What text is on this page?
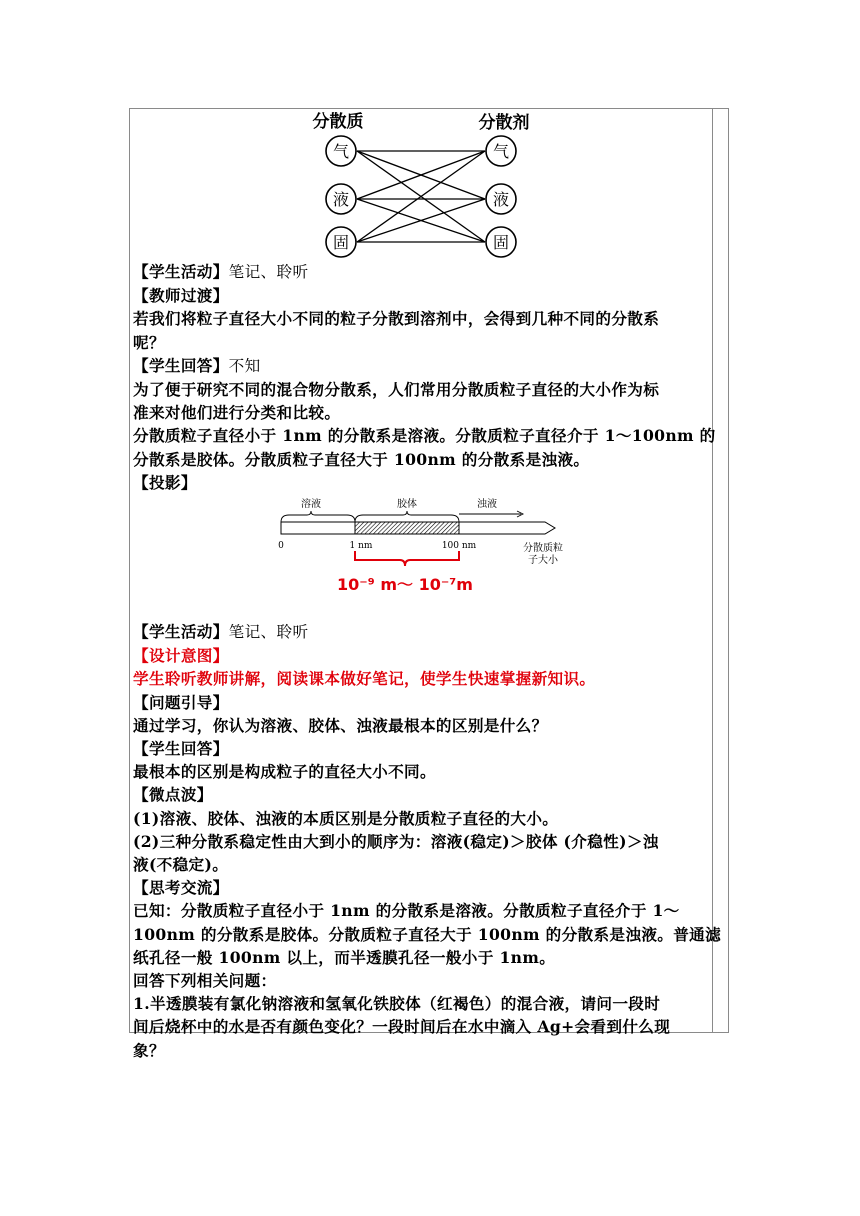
分散质	分散剂
气
液
固
气
液
固
【学生活动】笔记、聆听
【教师过渡】
若我们将粒子直径大小不同的粒子分散到溶剂中，会得到几种不同的分散系
呢？
【学生回答】不知
为了便于研究不同的混合物分散系，人们常用分散质粒子直径的大小作为标
准来对他们进行分类和比较。
分散质粒子直径小于 1nm 的分散系是溶液。分散质粒子直径介于 1～100nm 的
分散系是胶体。分散质粒子直径大于 100nm 的分散系是浊液。
【投影】
溶液	胶体	浊液
0	1 nm	100 nm	分散质粒
子大小
10⁻⁹ m～ 10⁻⁷m
【学生活动】笔记、聆听
【设计意图】
学生聆听教师讲解，阅读课本做好笔记，使学生快速掌握新知识。
【问题引导】
通过学习，你认为溶液、胶体、浊液最根本的区别是什么？
【学生回答】
最根本的区别是构成粒子的直径大小不同。
【微点波】
(1)溶液、胶体、浊液的本质区别是分散质粒子直径的大小。
(2)三种分散系稳定性由大到小的顺序为：溶液(稳定)＞胶体 (介稳性)＞浊
液(不稳定)。
【思考交流】
已知：分散质粒子直径小于 1nm 的分散系是溶液。分散质粒子直径介于 1～
100nm 的分散系是胶体。分散质粒子直径大于 100nm 的分散系是浊液。普通滤
纸孔径一般 100nm 以上，而半透膜孔径一般小于 1nm。
回答下列相关问题：
1.半透膜装有氯化钠溶液和氢氧化铁胶体（红褐色）的混合液，请问一段时
间后烧杯中的水是否有颜色变化？一段时间后在水中滴入 Ag+会看到什么现
象？
